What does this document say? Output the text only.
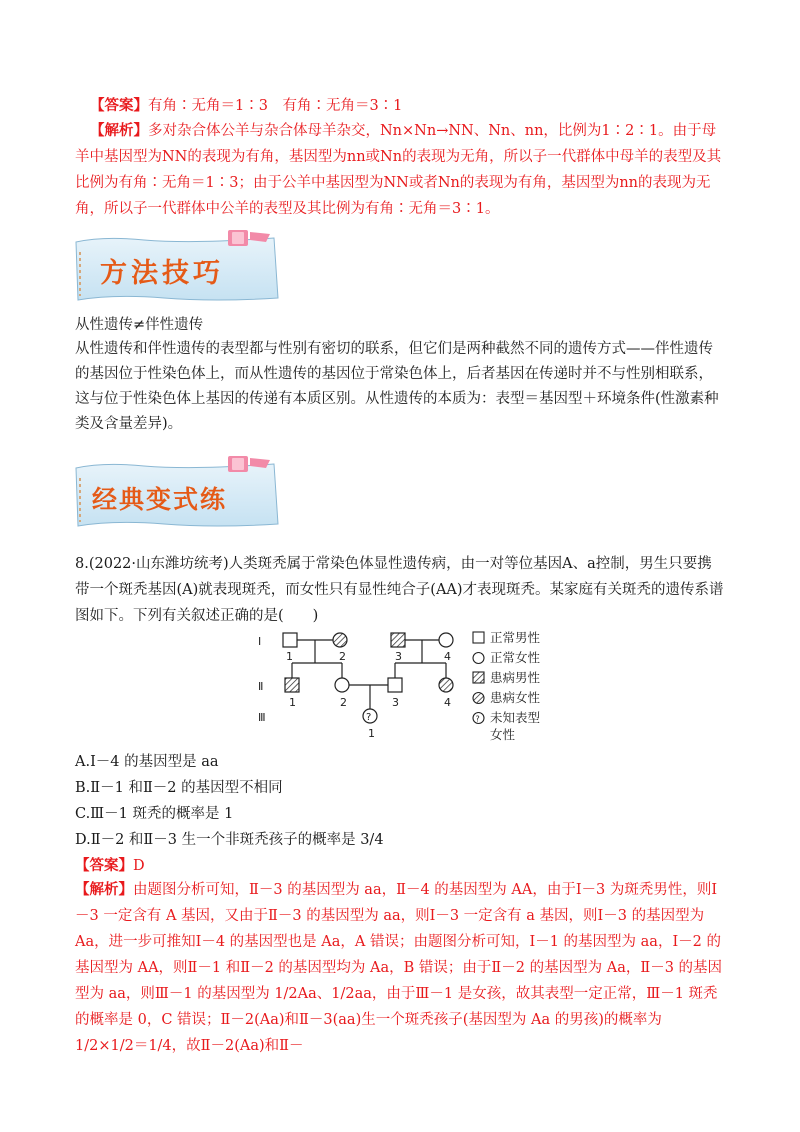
【答案】有角∶无角＝1∶3　有角∶无角＝3∶1

【解析】多对杂合体公羊与杂合体母羊杂交，Nn×Nn→NN、Nn、nn，比例为1∶2∶1。由于母羊中基因型为NN的表现为有角，基因型为nn或Nn的表现为无角，所以子一代群体中母羊的表型及其比例为有角∶无角＝1∶3；由于公羊中基因型为NN或者Nn的表现为有角，基因型为nn的表现为无角，所以子一代群体中公羊的表型及其比例为有角∶无角＝3∶1。

方法技巧

从性遗传≠伴性遗传

从性遗传和伴性遗传的表型都与性别有密切的联系，但它们是两种截然不同的遗传方式——伴性遗传的基因位于性染色体上，而从性遗传的基因位于常染色体上，后者基因在传递时并不与性别相联系，这与位于性染色体上基因的传递有本质区别。从性遗传的本质为：表型＝基因型＋环境条件(性激素种类及含量差异)。

经典变式练

8.(2022·山东潍坊统考)人类斑秃属于常染色体显性遗传病，由一对等位基因A、a控制，男生只要携带一个斑秃基因(A)就表现斑秃，而女性只有显性纯合子(AA)才表现斑秃。某家庭有关斑秃的遗传系谱图如下。下列有关叙述正确的是(　　)

Ⅰ
Ⅱ
Ⅲ
1	2	3	4
1	2	3	4
?
1
?
正常男性
正常女性
患病男性
患病女性
未知表型
女性

A.Ⅰ－4 的基因型是 aa

B.Ⅱ－1 和Ⅱ－2 的基因型不相同

C.Ⅲ－1 斑秃的概率是 1

D.Ⅱ－2 和Ⅱ－3 生一个非斑秃孩子的概率是 3/4

【答案】D

【解析】由题图分析可知，Ⅱ－3 的基因型为 aa，Ⅱ－4 的基因型为 AA，由于Ⅰ－3 为斑秃男性，则Ⅰ－3 一定含有 A 基因，又由于Ⅱ－3 的基因型为 aa，则Ⅰ－3 一定含有 a 基因，则Ⅰ－3 的基因型为 Aa，进一步可推知Ⅰ－4 的基因型也是 Aa，A 错误；由题图分析可知，Ⅰ－1 的基因型为 aa，Ⅰ－2 的基因型为 AA，则Ⅱ－1 和Ⅱ－2 的基因型均为 Aa，B 错误；由于Ⅱ－2 的基因型为 Aa，Ⅱ－3 的基因型为 aa，则Ⅲ－1 的基因型为 1/2Aa、1/2aa，由于Ⅲ－1 是女孩，故其表型一定正常，Ⅲ－1 斑秃的概率是 0，C 错误；Ⅱ－2(Aa)和Ⅱ－3(aa)生一个斑秃孩子(基因型为 Aa 的男孩)的概率为 1/2×1/2＝1/4，故Ⅱ－2(Aa)和Ⅱ－
